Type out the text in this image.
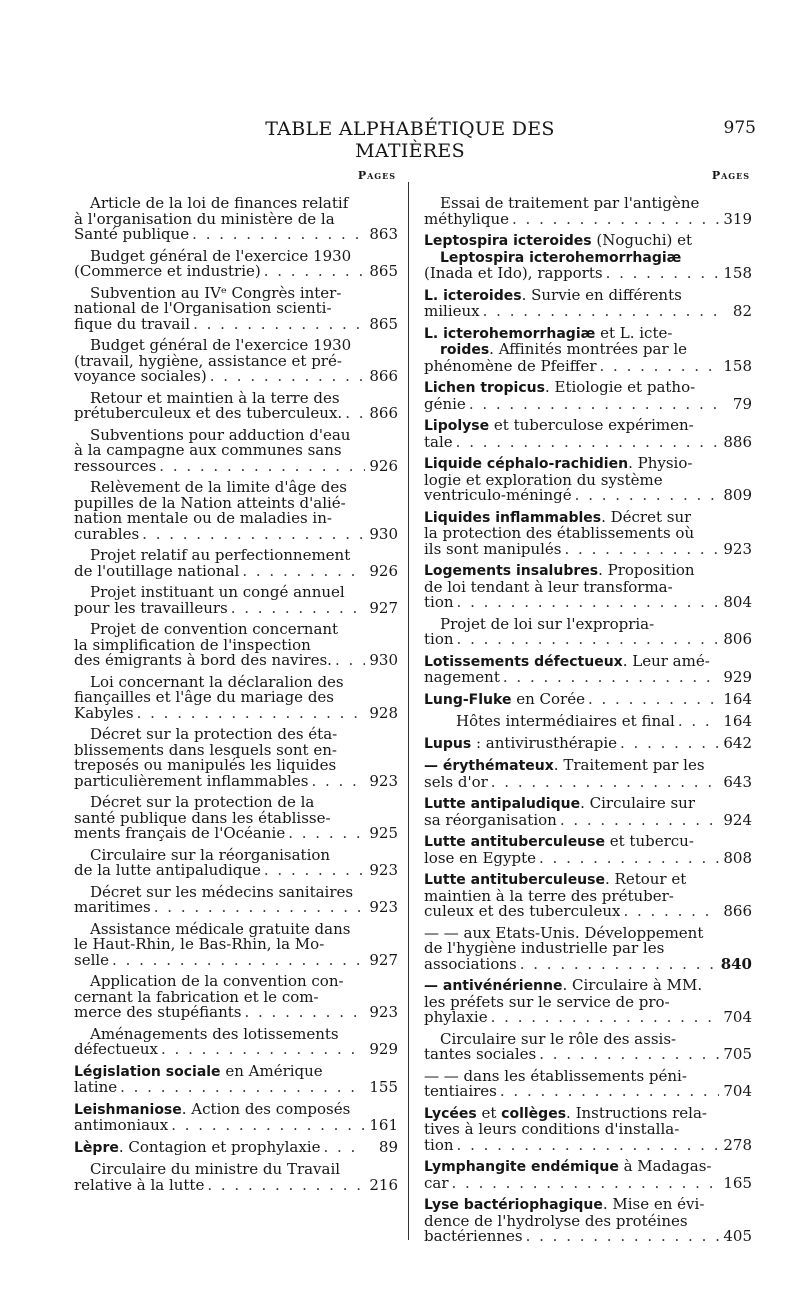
TABLE ALPHABÉTIQUE DES MATIÈRES
975
Pages
Article de la loi de finances relatif
à l'organisation du ministère de la
Santé publique . . .	863
Budget général de l'exercice 1930
(Commerce et industrie) . . .	865
Subvention au IVᵉ Congrès inter-
national de l'Organisation scienti-
fique du travail . . .	865
Budget général de l'exercice 1930
(travail, hygiène, assistance et pré-
voyance sociales) . . .	866
Retour et maintien à la terre des
prétuberculeux et des tuberculeux. . . . 866
Subventions pour adduction d'eau
à la campagne aux communes sans
ressources . . .	926
Relèvement de la limite d'âge des
pupilles de la Nation atteints d'alié-
nation mentale ou de maladies in-
curables . . .	930
Projet relatif au perfectionnement
de l'outillage national . . .	926
Projet instituant un congé annuel
pour les travailleurs . . .	927
Projet de convention concernant
la simplification de l'inspection
des émigrants à bord des navires. . . . 930
Loi concernant la déclaralion des
fiançailles et l'âge du mariage des
Kabyles . . .	928
Décret sur la protection des éta-
blissements dans lesquels sont en-
treposés ou manipulés les liquides
particulièrement inflammables . . .	923
Décret sur la protection de la
santé publique dans les établisse-
ments français de l'Océanie . . .	925
Circulaire sur la réorganisation
de la lutte antipaludique . . .	923
Décret sur les médecins sanitaires
maritimes . . .	923
Assistance médicale gratuite dans
le Haut-Rhin, le Bas-Rhin, la Mo-
selle . . .	927
Application de la convention con-
cernant la fabrication et le com-
merce des stupéfiants . . .	923
Aménagements des lotissements
défectueux . . .	929
Législation sociale en Amérique
latine . . .	155
Leishmaniose. Action des composés
antimoniaux . . .	161
Lèpre. Contagion et prophylaxie . . .	89
Circulaire du ministre du Travail
relative à la lutte . . .	216
Pages
Essai de traitement par l'antigène
méthylique . . .	319
Leptospira icteroides (Noguchi) et
Leptospira icterohemorrhagiæ
(Inada et Ido), rapports . . .	158
L. icteroides. Survie en différents
milieux . . .	82
L. icterohemorrhagiæ et L. icte-
roides. Affinités montrées par le
phénomène de Pfeiffer . . .	158
Lichen tropicus. Etiologie et patho-
génie . . .	79
Lipolyse et tuberculose expérimen-
tale . . .	886
Liquide céphalo-rachidien. Physio-
logie et exploration du système
ventriculo-méningé . . .	809
Liquides inflammables. Décret sur
la protection des établissements où
ils sont manipulés . . .	923
Logements insalubres. Proposition
de loi tendant à leur transforma-
tion . . .	804
Projet de loi sur l'expropria-
tion . . .	806
Lotissements défectueux. Leur amé-
nagement . . .	929
Lung-Fluke en Corée . . .	164
Hôtes intermédiaires et final . . .	164
Lupus : antivirusthérapie . . .	642
— érythémateux. Traitement par les
sels d'or . . .	643
Lutte antipaludique. Circulaire sur
sa réorganisation . . .	924
Lutte antituberculeuse et tubercu-
lose en Egypte . . .	808
Lutte antituberculeuse. Retour et
maintien à la terre des prétuber-
culeux et des tuberculeux . . .	866
— — aux Etats-Unis. Développement
de l'hygiène industrielle par les
associations . . .	840
— antivénérienne. Circulaire à MM.
les préfets sur le service de pro-
phylaxie . . .	704
Circulaire sur le rôle des assis-
tantes sociales . . .	705
— — dans les établissements péni-
tentiaires . . .	704
Lycées et collèges. Instructions rela-
tives à leurs conditions d'installa-
tion . . .	278
Lymphangite endémique à Madagas-
car . . .	165
Lyse bactériophagique. Mise en évi-
dence de l'hydrolyse des protéines
bactériennes . . .	405
